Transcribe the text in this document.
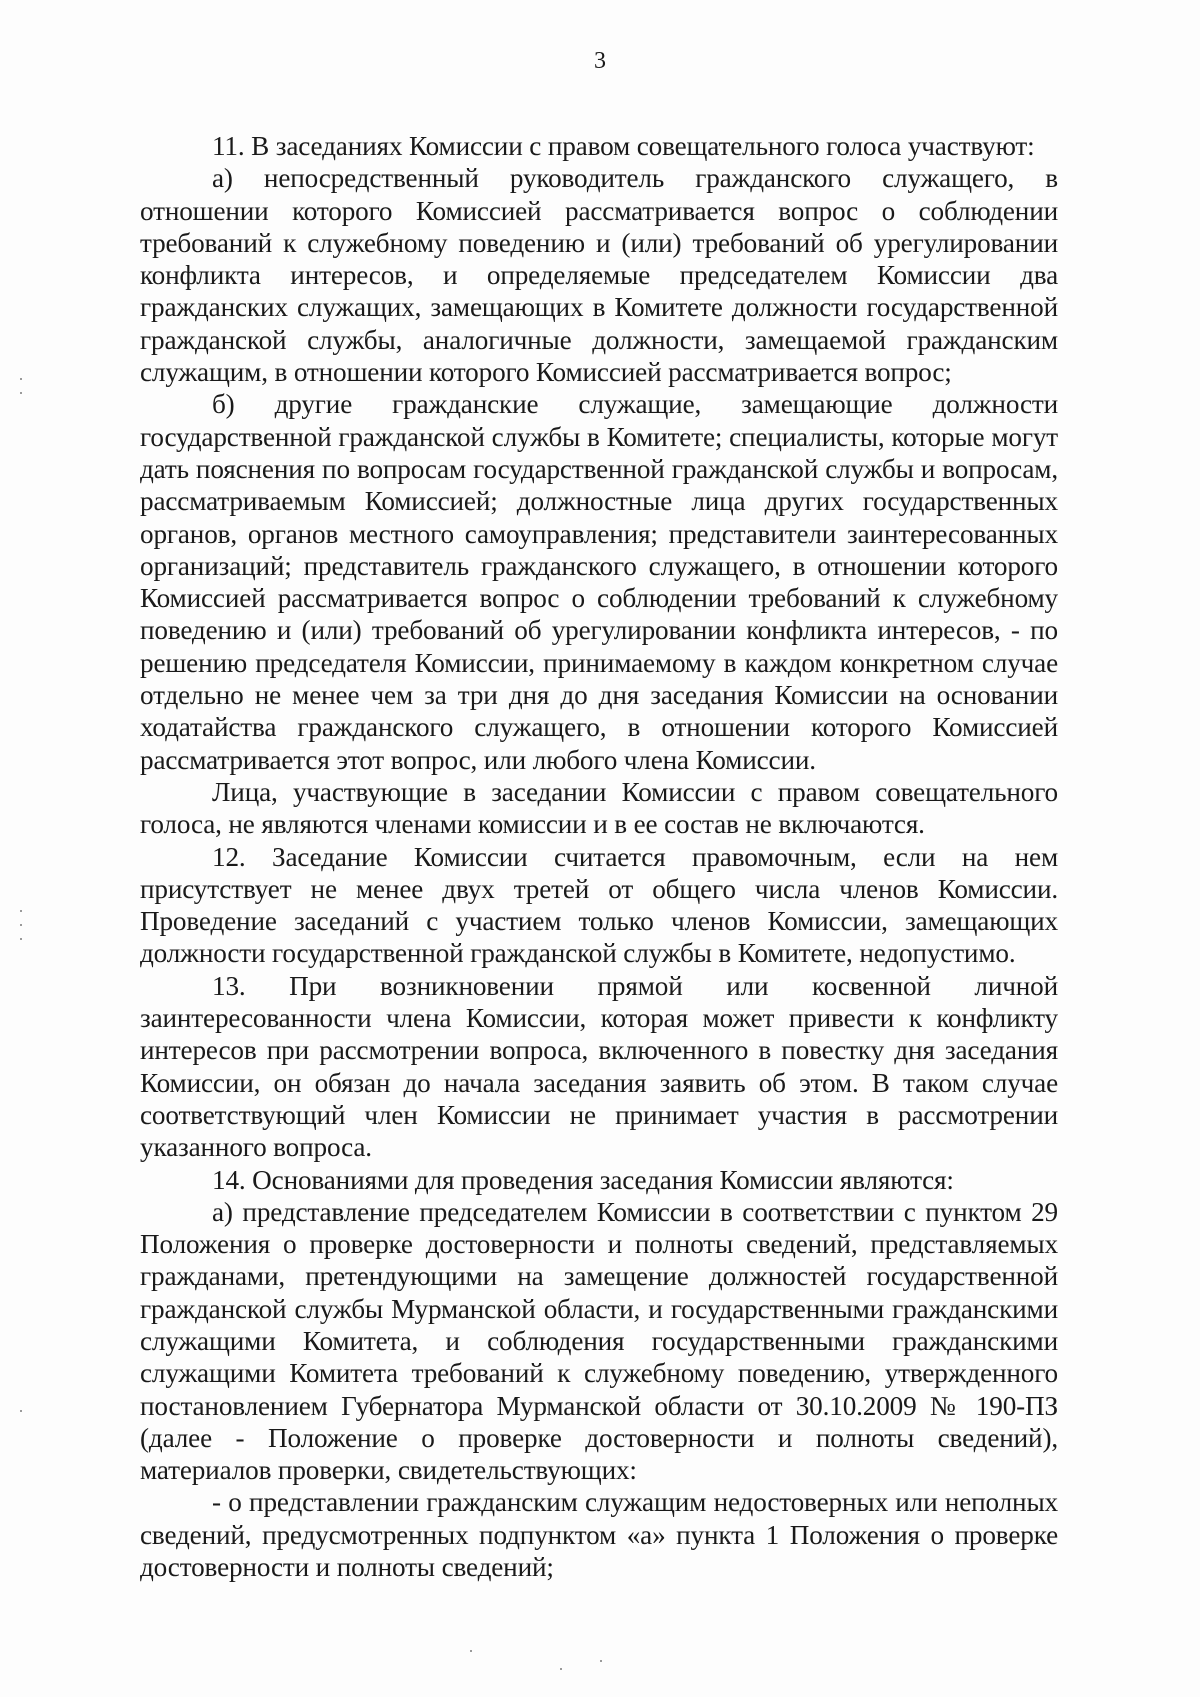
3

11. В заседаниях Комиссии с правом совещательного голоса участвуют:

а) непосредственный руководитель гражданского служащего, в отношении которого Комиссией рассматривается вопрос о соблюдении требований к служебному поведению и (или) требований об урегулировании конфликта интересов, и определяемые председателем Комиссии два гражданских служащих, замещающих в Комитете должности государственной гражданской службы, аналогичные должности, замещаемой гражданским служащим, в отношении которого Комиссией рассматривается вопрос;

б) другие гражданские служащие, замещающие должности государственной гражданской службы в Комитете; специалисты, которые могут дать пояснения по вопросам государственной гражданской службы и вопросам, рассматриваемым Комиссией; должностные лица других государственных органов, органов местного самоуправления; представители заинтересованных организаций; представитель гражданского служащего, в отношении которого Комиссией рассматривается вопрос о соблюдении требований к служебному поведению и (или) требований об урегулировании конфликта интересов, - по решению председателя Комиссии, принимаемому в каждом конкретном случае отдельно не менее чем за три дня до дня заседания Комиссии на основании ходатайства гражданского служащего, в отношении которого Комиссией рассматривается этот вопрос, или любого члена Комиссии.

Лица, участвующие в заседании Комиссии с правом совещательного голоса, не являются членами комиссии и в ее состав не включаются.

12. Заседание Комиссии считается правомочным, если на нем присутствует не менее двух третей от общего числа членов Комиссии. Проведение заседаний с участием только членов Комиссии, замещающих должности государственной гражданской службы в Комитете, недопустимо.

13. При возникновении прямой или косвенной личной заинтересованности члена Комиссии, которая может привести к конфликту интересов при рассмотрении вопроса, включенного в повестку дня заседания Комиссии, он обязан до начала заседания заявить об этом. В таком случае соответствующий член Комиссии не принимает участия в рассмотрении указанного вопроса.

14. Основаниями для проведения заседания Комиссии являются:

а) представление председателем Комиссии в соответствии с пунктом 29 Положения о проверке достоверности и полноты сведений, представляемых гражданами, претендующими на замещение должностей государственной гражданской службы Мурманской области, и государственными гражданскими служащими Комитета, и соблюдения государственными гражданскими служащими Комитета требований к служебному поведению, утвержденного постановлением Губернатора Мурманской области от 30.10.2009 № 190-ПЗ (далее - Положение о проверке достоверности и полноты сведений), материалов проверки, свидетельствующих:

- о представлении гражданским служащим недостоверных или неполных сведений, предусмотренных подпунктом «а» пункта 1 Положения о проверке достоверности и полноты сведений;
